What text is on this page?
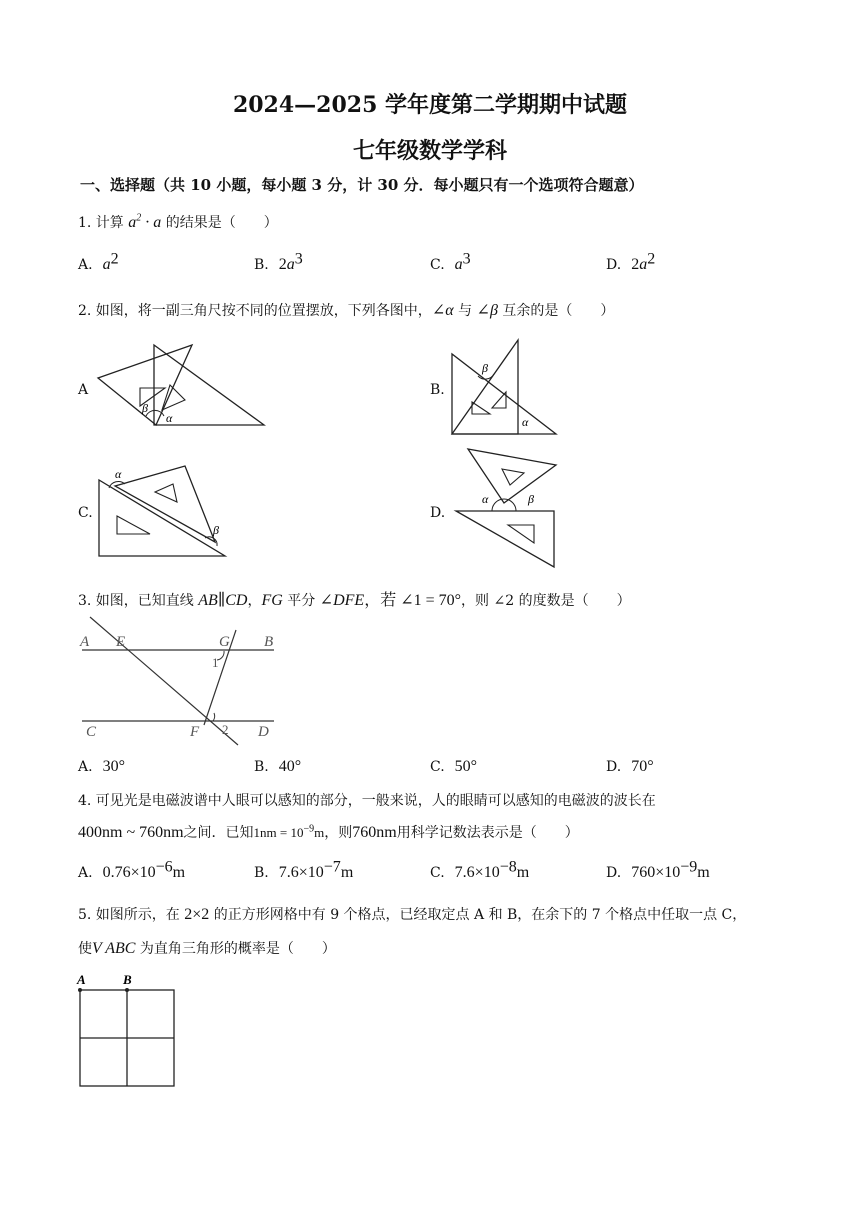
2024—2025 学年度第二学期期中试题
七年级数学学科
一、选择题（共 10 小题，每小题 3 分，计 30 分．每小题只有一个选项符合题意）
1. 计算 $a^2 \cdot a$ 的结果是（　　）
A. $a^2$	B. $2a^3$	C. $a^3$	D. $2a^2$
2. 如图，将一副三角尺按不同的位置摆放，下列各图中，∠α 与 ∠β 互余的是（　　）
A
β
α
B.
β
α
C.
α
β
D.
α	β
3. 如图，已知直线 AB∥CD，FG 平分 ∠DFE，若 ∠1 = 70°，则 ∠2 的度数是（　　）
A E	G B
1
C	F 2 D
A. 30°	B. 40°	C. 50°	D. 70°
4. 可见光是电磁波谱中人眼可以感知的部分，一般来说，人的眼睛可以感知的电磁波的波长在
400nm ~ 760nm之间．已知$1nm = 10^{-9}m$，则760nm用科学记数法表示是（　　）
A. $0.76\times 10^{-6}m$	B. $7.6\times 10^{-7}m$	C. $7.6\times 10^{-8}m$	D. $760\times 10^{-9}m$
5. 如图所示，在 2×2 的正方形网格中有 9 个格点，已经取定点 A 和 B，在余下的 7 个格点中任取一点 C，
使V ABC 为直角三角形的概率是（　　）
A	B
